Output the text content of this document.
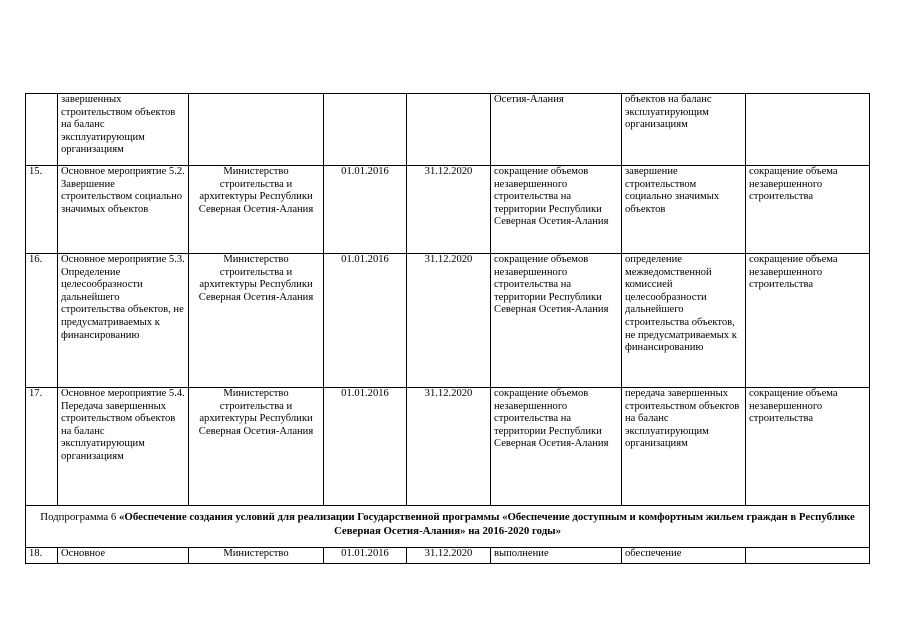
	завершенных строительством объектов на баланс эксплуатирующим организациям				Осетия-Алания	объектов на баланс эксплуатирующим организациям	
15.	Основное мероприятие 5.2. Завершение строительством социально значимых объектов	Министерство строительства и архитектуры Республики Северная Осетия-Алания	01.01.2016	31.12.2020	сокращение объемов незавершенного строительства на территории Республики Северная Осетия-Алания	завершение строительством социально значимых объектов	сокращение объема незавершенного строительства
16.	Основное мероприятие 5.3. Определение целесообразности дальнейшего строительства объектов, не предусматриваемых к финансированию	Министерство строительства и архитектуры Республики Северная Осетия-Алания	01.01.2016	31.12.2020	сокращение объемов незавершенного строительства на территории Республики Северная Осетия-Алания	определение межведомственной комиссией целесообразности дальнейшего строительства объектов, не предусматриваемых к финансированию	сокращение объема незавершенного строительства
17.	Основное мероприятие 5.4. Передача завершенных строительством объектов на баланс эксплуатирующим организациям	Министерство строительства и архитектуры Республики Северная Осетия-Алания	01.01.2016	31.12.2020	сокращение объемов незавершенного строительства на территории Республики Северная Осетия-Алания	передача завершенных строительством объектов на баланс эксплуатирующим организациям	сокращение объема незавершенного строительства
Подпрограмма 6 «Обеспечение создания условий для реализации Государственной программы «Обеспечение доступным и комфортным жильем граждан в Республике Северная Осетия-Алания» на 2016-2020 годы»							
18.	Основное	Министерство	01.01.2016	31.12.2020	выполнение	обеспечение	
